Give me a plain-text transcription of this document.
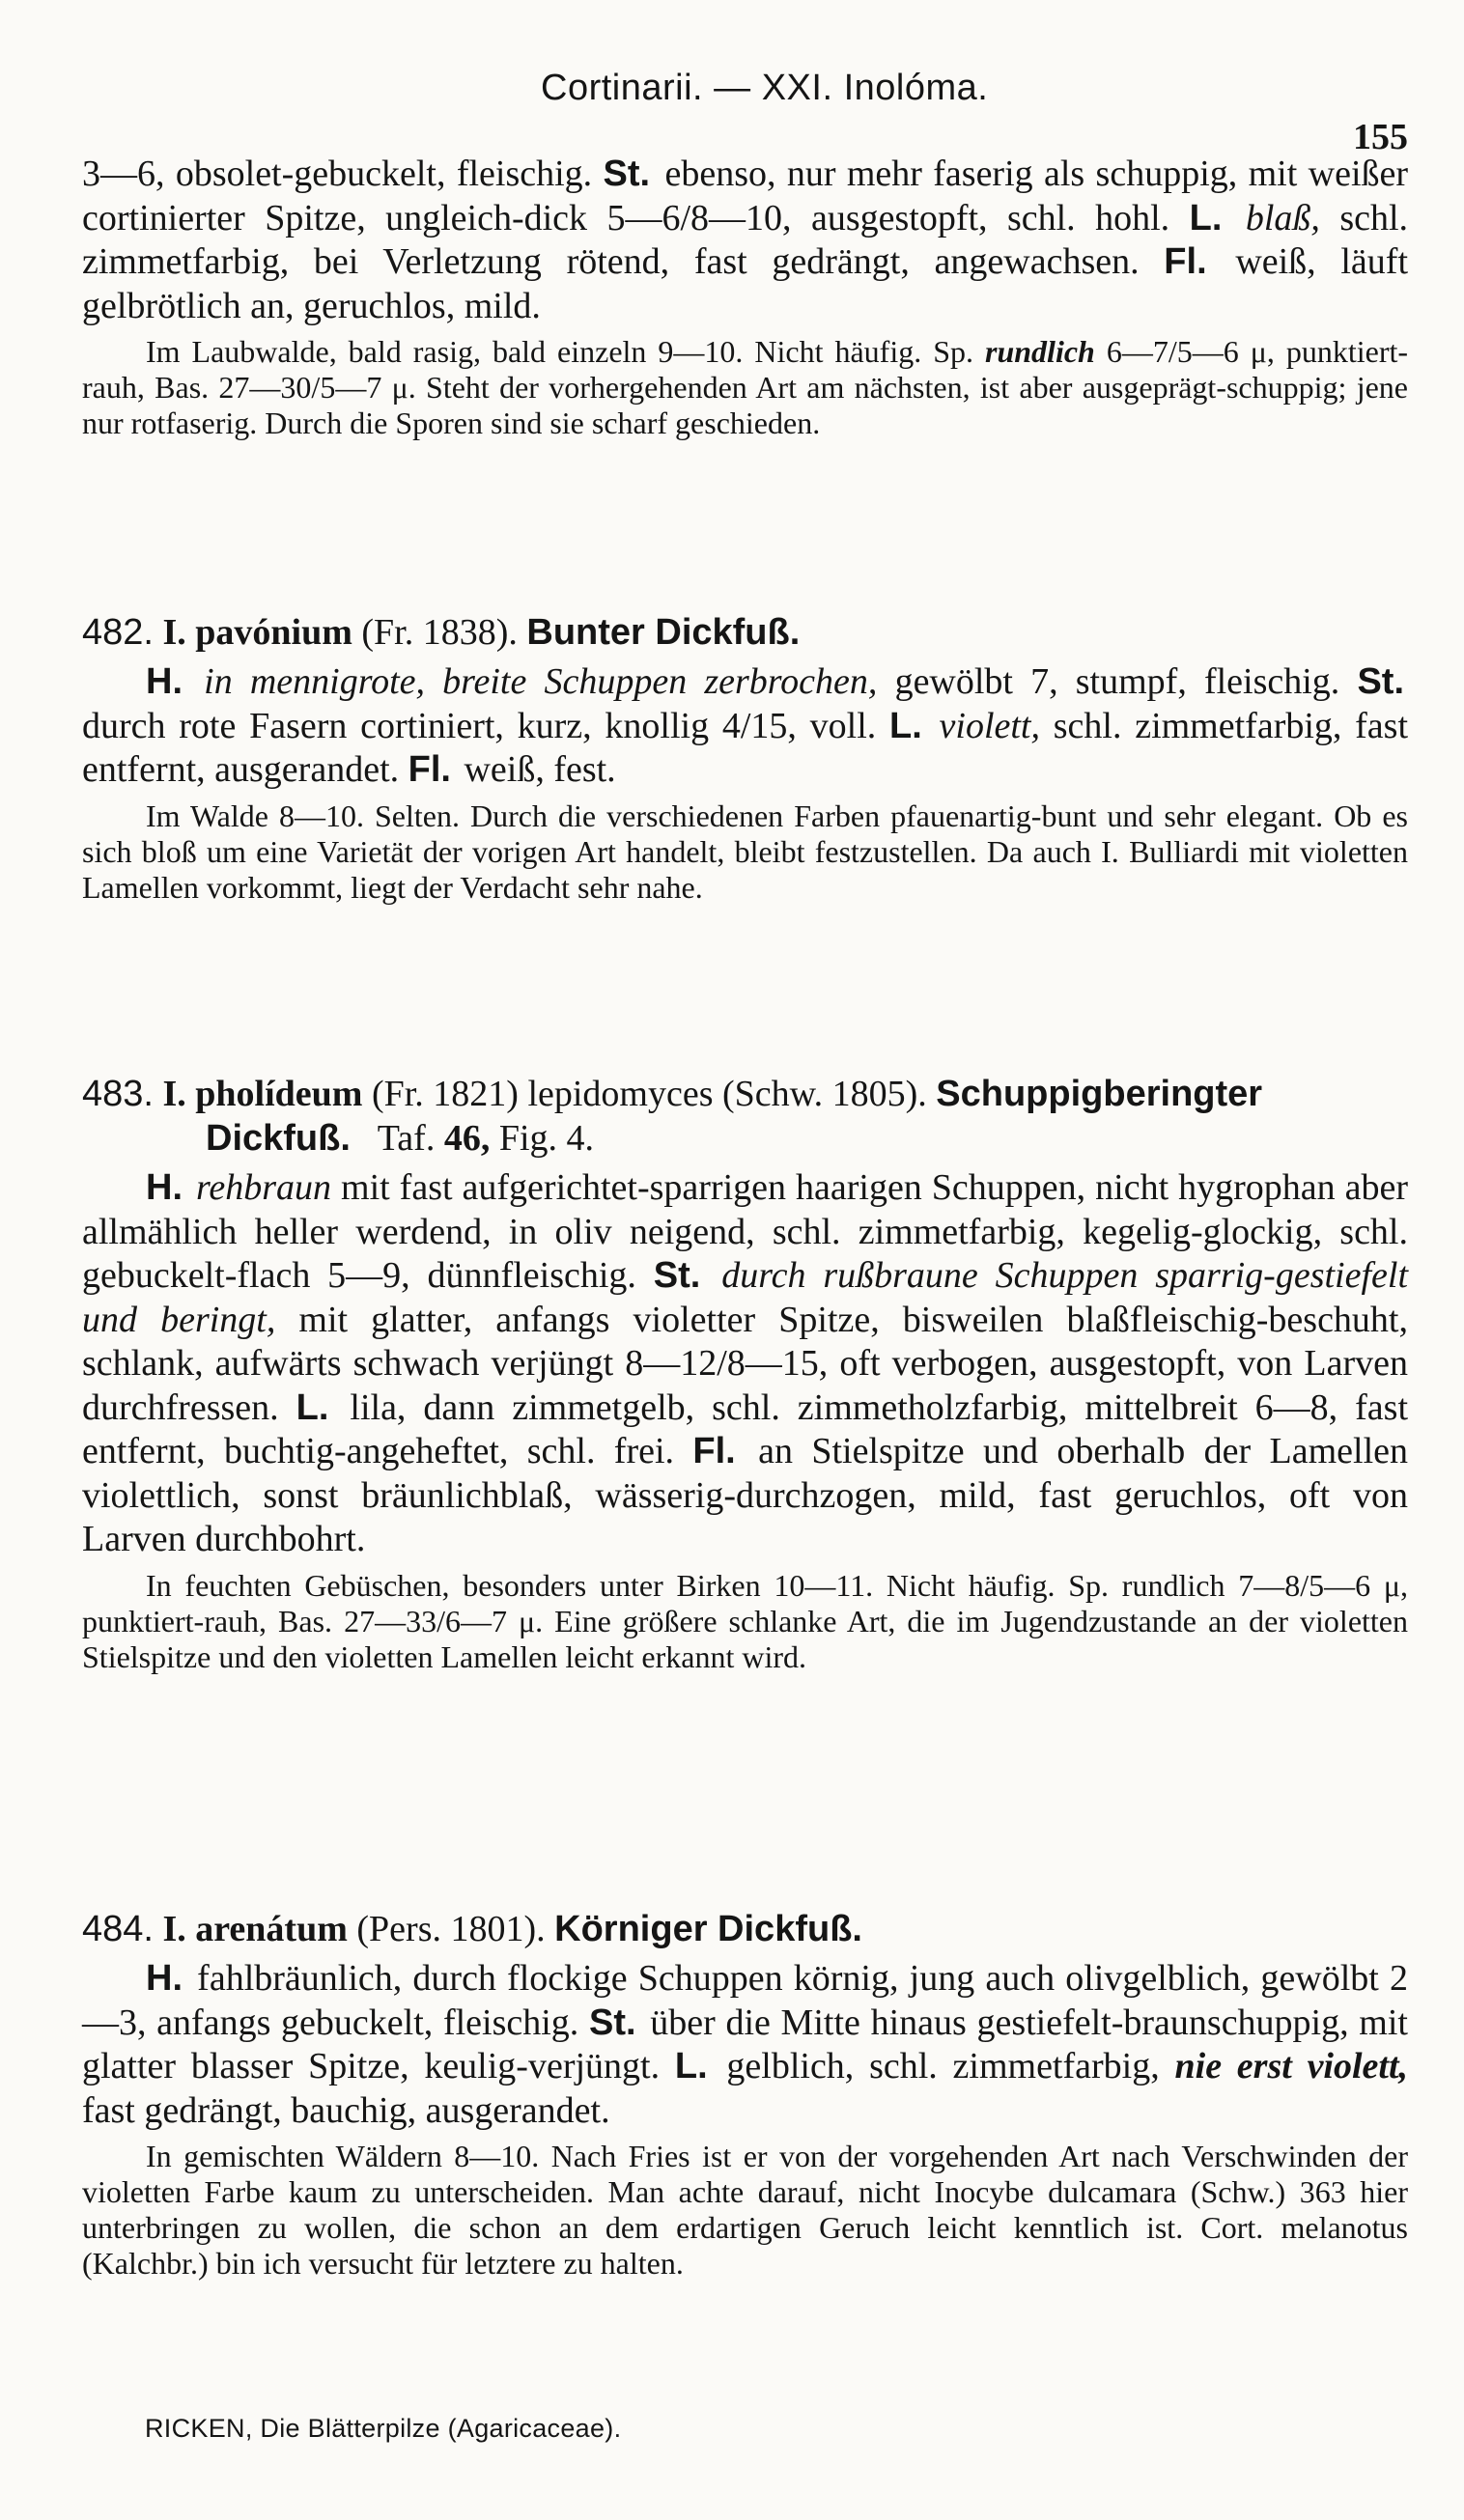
Cortinarii. — XXI. Inolóma.
155

3—6, obsolet-gebuckelt, fleischig. St. ebenso, nur mehr faserig als schuppig, mit weißer cortinierter Spitze, ungleich-dick 5—6/8—10, ausgestopft, schl. hohl. L. blaß, schl. zimmetfarbig, bei Verletzung rötend, fast gedrängt, angewachsen. Fl. weiß, läuft gelbrötlich an, geruchlos, mild.

Im Laubwalde, bald rasig, bald einzeln 9—10. Nicht häufig. Sp. rundlich 6—7/5—6 μ, punktiert-rauh, Bas. 27—30/5—7 μ. Steht der vorhergehenden Art am nächsten, ist aber ausgeprägt-schuppig; jene nur rotfaserig. Durch die Sporen sind sie scharf geschieden.

482. I. pavónium (Fr. 1838). Bunter Dickfuß.

H. in mennigrote, breite Schuppen zerbrochen, gewölbt 7, stumpf, fleischig. St. durch rote Fasern cortiniert, kurz, knollig 4/15, voll. L. violett, schl. zimmetfarbig, fast entfernt, ausgerandet. Fl. weiß, fest.

Im Walde 8—10. Selten. Durch die verschiedenen Farben pfauenartig-bunt und sehr elegant. Ob es sich bloß um eine Varietät der vorigen Art handelt, bleibt festzustellen. Da auch I. Bulliardi mit violetten Lamellen vorkommt, liegt der Verdacht sehr nahe.

483. I. pholídeum (Fr. 1821) lepidomyces (Schw. 1805). Schuppigberingter
Dickfuß. Taf. 46, Fig. 4.

H. rehbraun mit fast aufgerichtet-sparrigen haarigen Schuppen, nicht hygrophan aber allmählich heller werdend, in oliv neigend, schl. zimmetfarbig, kegelig-glockig, schl. gebuckelt-flach 5—9, dünnfleischig. St. durch rußbraune Schuppen sparrig-gestiefelt und beringt, mit glatter, anfangs violetter Spitze, bisweilen blaßfleischig-beschuht, schlank, aufwärts schwach verjüngt 8—12/8—15, oft verbogen, ausgestopft, von Larven durchfressen. L. lila, dann zimmetgelb, schl. zimmetholzfarbig, mittelbreit 6—8, fast entfernt, buchtig-angeheftet, schl. frei. Fl. an Stielspitze und oberhalb der Lamellen violettlich, sonst bräunlichblaß, wässerig-durchzogen, mild, fast geruchlos, oft von Larven durchbohrt.

In feuchten Gebüschen, besonders unter Birken 10—11. Nicht häufig. Sp. rundlich 7—8/5—6 μ, punktiert-rauh, Bas. 27—33/6—7 μ. Eine größere schlanke Art, die im Jugendzustande an der violetten Stielspitze und den violetten Lamellen leicht erkannt wird.

484. I. arenátum (Pers. 1801). Körniger Dickfuß.

H. fahlbräunlich, durch flockige Schuppen körnig, jung auch olivgelblich, gewölbt 2—3, anfangs gebuckelt, fleischig. St. über die Mitte hinaus gestiefelt-braunschuppig, mit glatter blasser Spitze, keulig-verjüngt. L. gelblich, schl. zimmetfarbig, nie erst violett, fast gedrängt, bauchig, ausgerandet.

In gemischten Wäldern 8—10. Nach Fries ist er von der vorgehenden Art nach Verschwinden der violetten Farbe kaum zu unterscheiden. Man achte darauf, nicht Inocybe dulcamara (Schw.) 363 hier unterbringen zu wollen, die schon an dem erdartigen Geruch leicht kenntlich ist. Cort. melanotus (Kalchbr.) bin ich versucht für letztere zu halten.

RICKEN, Die Blätterpilze (Agaricaceae).
